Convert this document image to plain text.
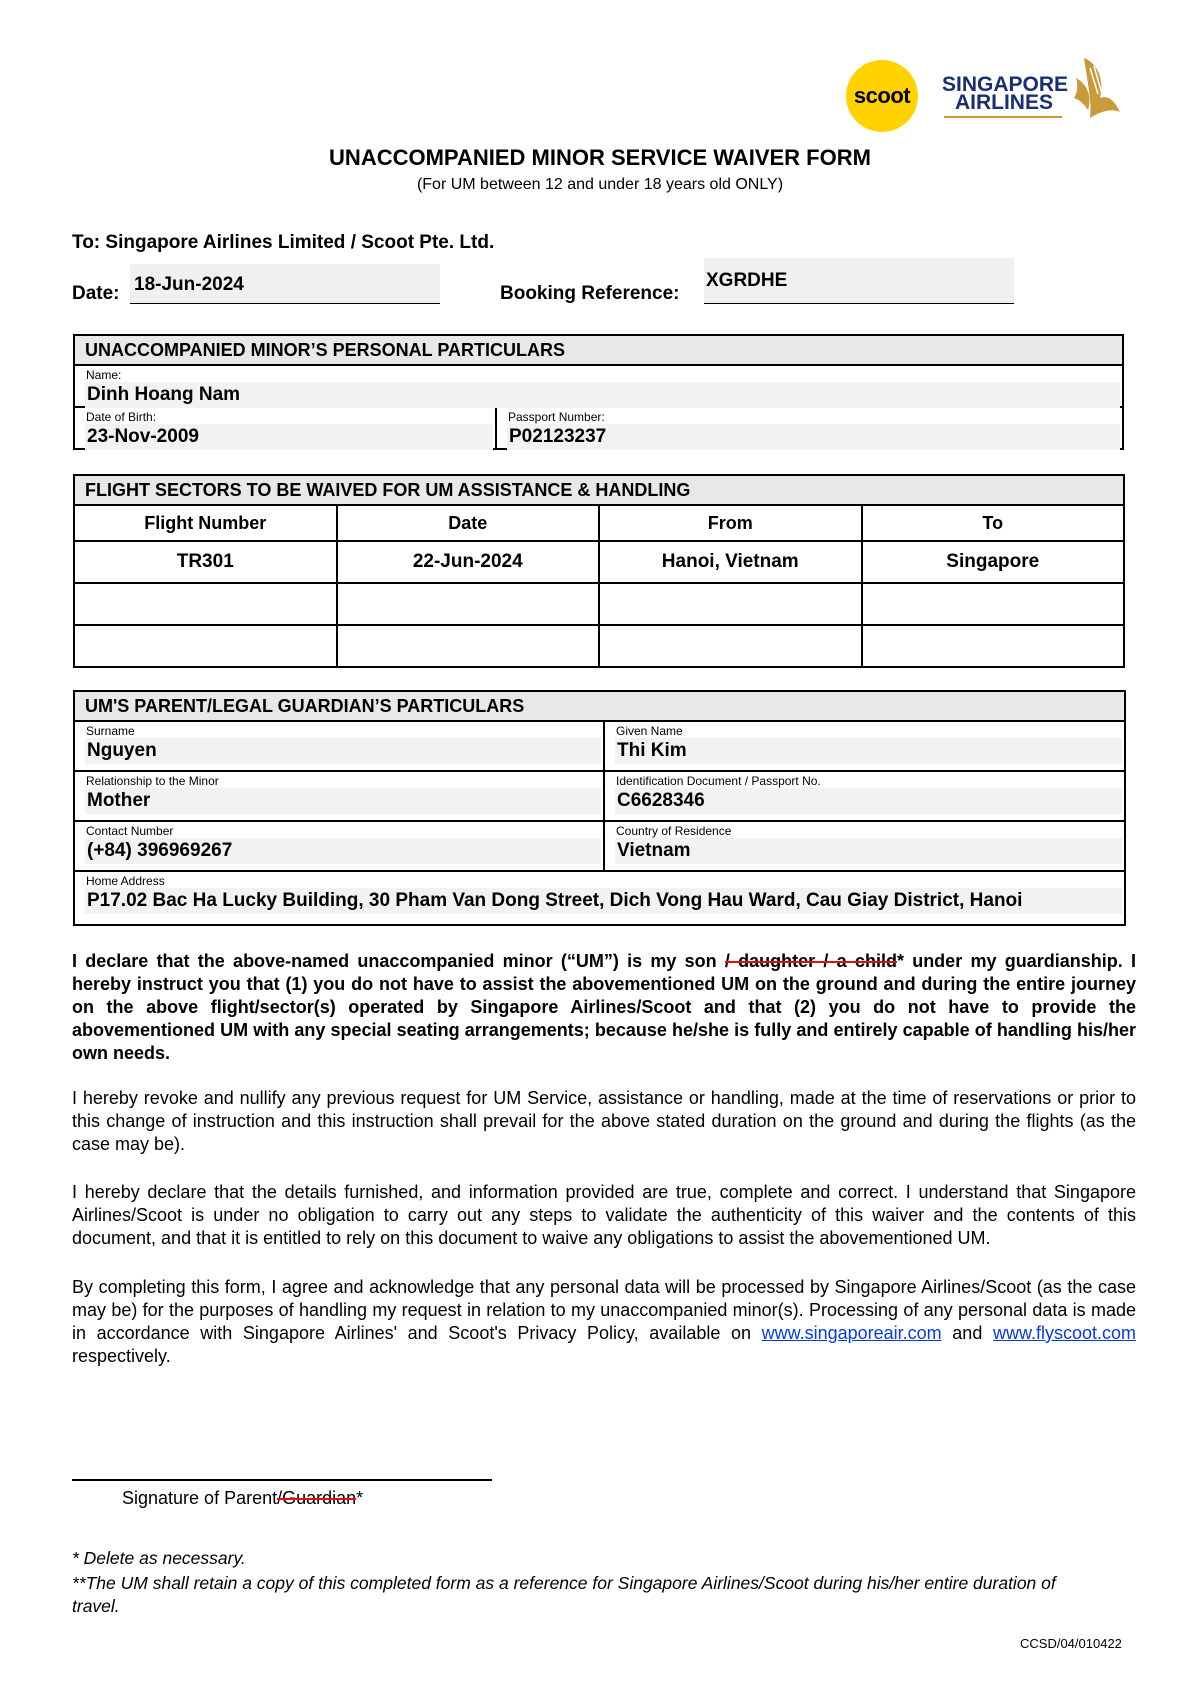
scoot SINGAPORE
AIRLINES
UNACCOMPANIED MINOR SERVICE WAIVER FORM
(For UM between 12 and under 18 years old ONLY)
To: Singapore Airlines Limited / Scoot Pte. Ltd.
Date: 18-Jun-2024	Booking Reference:
XGRDHE
UNACCOMPANIED MINOR’S PERSONAL PARTICULARS
Name:
Dinh Hoang Nam
Date of Birth:
23-Nov-2009
Passport Number:
P02123237
FLIGHT SECTORS TO BE WAIVED FOR UM ASSISTANCE & HANDLING			
Flight Number	Date	From	To
TR301	22-Jun-2024	Hanoi, Vietnam	Singapore

UM'S PARENT/LEGAL GUARDIAN’S PARTICULARS
Surname
Nguyen
Given Name
Thi Kim
Relationship to the Minor
Mother
Identification Document / Passport No.
C6628346
Contact Number
(+84) 396969267
Country of Residence
Vietnam
Home Address
P17.02 Bac Ha Lucky Building, 30 Pham Van Dong Street, Dich Vong Hau Ward, Cau Giay District, Hanoi
I declare that the above-named unaccompanied minor (“UM”) is my son / daughter / a child* under my guardianship. I hereby instruct you that (1) you do not have to assist the abovementioned UM on the ground and during the entire journey on the above flight/sector(s) operated by Singapore Airlines/Scoot and that (2) you do not have to provide the abovementioned UM with any special seating arrangements; because he/she is fully and entirely capable of handling his/her own needs.
I hereby revoke and nullify any previous request for UM Service, assistance or handling, made at the time of reservations or prior to this change of instruction and this instruction shall prevail for the above stated duration on the ground and during the flights (as the case may be).
I hereby declare that the details furnished, and information provided are true, complete and correct. I understand that Singapore Airlines/Scoot is under no obligation to carry out any steps to validate the authenticity of this waiver and the contents of this document, and that it is entitled to rely on this document to waive any obligations to assist the abovementioned UM.
By completing this form, I agree and acknowledge that any personal data will be processed by Singapore Airlines/Scoot (as the case may be) for the purposes of handling my request in relation to my unaccompanied minor(s). Processing of any personal data is made in accordance with Singapore Airlines' and Scoot's Privacy Policy, available on www.singaporeair.com and www.flyscoot.com respectively.
Signature of Parent/Guardian*
* Delete as necessary.
**The UM shall retain a copy of this completed form as a reference for Singapore Airlines/Scoot during his/her entire duration of travel.
CCSD/04/010422
